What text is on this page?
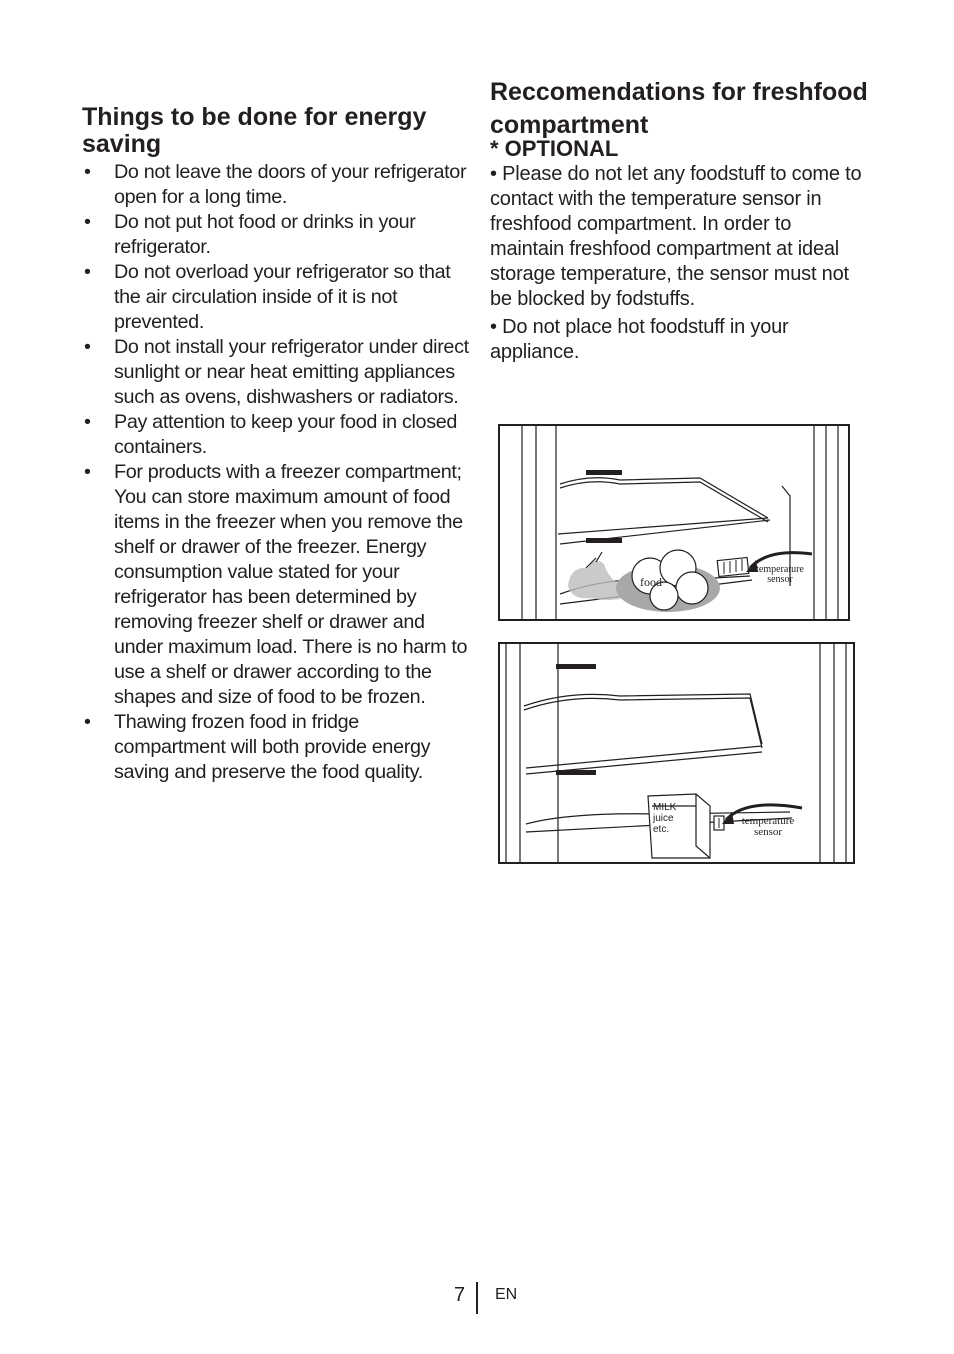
Things to be done for energy saving
• Do not leave the doors of your refrigerator open for a long time.
• Do not put hot food or drinks in your refrigerator.
• Do not overload your refrigerator so that the air circulation inside of it is not prevented.
• Do not install your refrigerator under direct sunlight or near heat emitting appliances such as ovens, dishwashers or radiators.
• Pay attention to keep your food in closed containers.
• For products with a freezer compartment; You can store maximum amount of food items in the freezer when you remove the shelf or drawer of the freezer. Energy consumption value stated for your refrigerator has been determined by removing freezer shelf or drawer and under maximum load. There is no harm to use a shelf or drawer according to the shapes and size of food to be frozen.
• Thawing frozen food in fridge compartment will both provide energy saving and preserve the food quality.
Reccomendations for freshfood compartment
* OPTIONAL

• Please do not let any foodstuff to come to contact with the temperature sensor in freshfood compartment. In order to maintain freshfood compartment at ideal storage temperature, the sensor must not be blocked by fodstuffs.

• Do not place hot foodstuff in your appliance.

food
temperature
sensor
MILK
juice
etc.
temperature
sensor
7 EN
